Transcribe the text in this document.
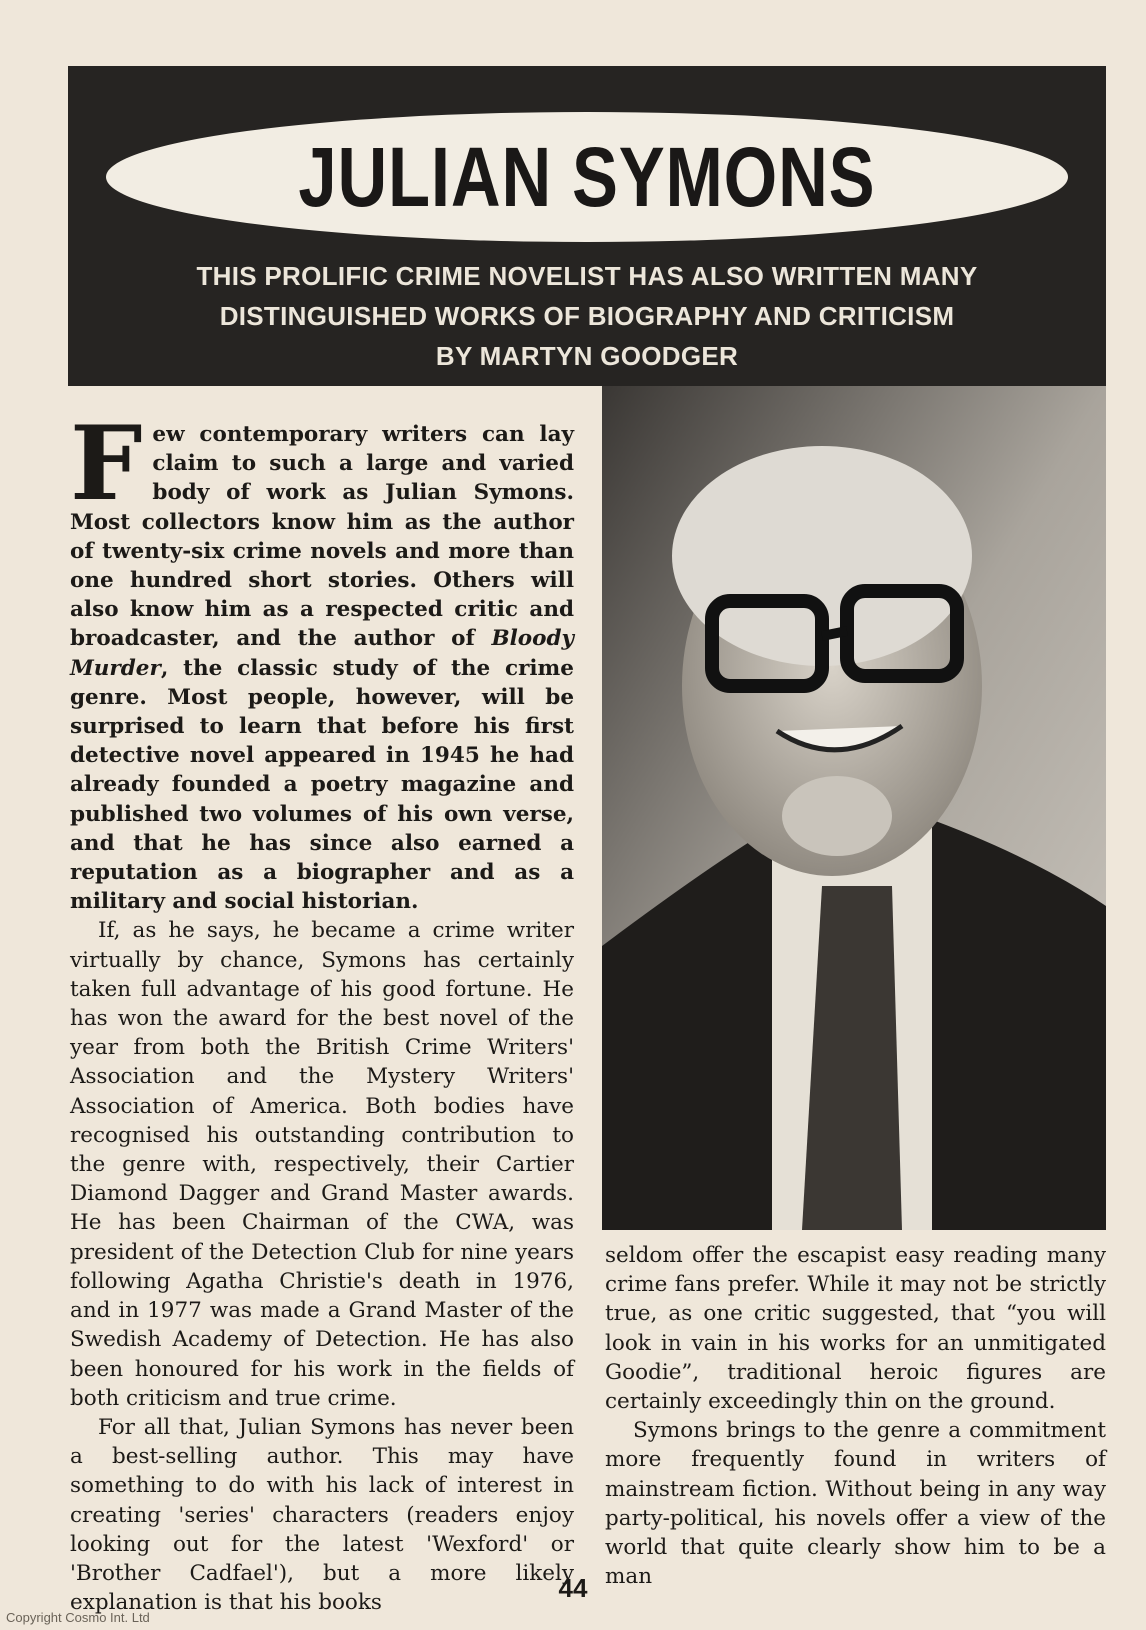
JULIAN SYMONS
THIS PROLIFIC CRIME NOVELIST HAS ALSO WRITTEN MANY
DISTINGUISHED WORKS OF BIOGRAPHY AND CRITICISM
BY MARTYN GOODGER

Few contemporary writers can lay claim to such a large and varied body of work as Julian Symons. Most collectors know him as the author of twenty-six crime novels and more than one hundred short stories. Others will also know him as a respected critic and broadcaster, and the author of Bloody Murder, the classic study of the crime genre. Most people, however, will be surprised to learn that before his first detective novel appeared in 1945 he had already founded a poetry magazine and published two volumes of his own verse, and that he has since also earned a reputation as a biographer and as a military and social historian.

If, as he says, he became a crime writer virtually by chance, Symons has certainly taken full advantage of his good fortune. He has won the award for the best novel of the year from both the British Crime Writers' Association and the Mystery Writers' Association of America. Both bodies have recognised his outstanding contribution to the genre with, respectively, their Cartier Diamond Dagger and Grand Master awards. He has been Chairman of the CWA, was president of the Detection Club for nine years following Agatha Christie's death in 1976, and in 1977 was made a Grand Master of the Swedish Academy of Detection. He has also been honoured for his work in the fields of both criticism and true crime.

For all that, Julian Symons has never been a best-selling author. This may have something to do with his lack of interest in creating 'series' characters (readers enjoy looking out for the latest 'Wexford' or 'Brother Cadfael'), but a more likely explanation is that his books

seldom offer the escapist easy reading many crime fans prefer. While it may not be strictly true, as one critic suggested, that “you will look in vain in his works for an unmitigated Goodie”, traditional heroic figures are certainly exceedingly thin on the ground.

Symons brings to the genre a commitment more frequently found in writers of mainstream fiction. Without being in any way party-political, his novels offer a view of the world that quite clearly show him to be a man

44
Copyright Cosmo Int. Ltd
